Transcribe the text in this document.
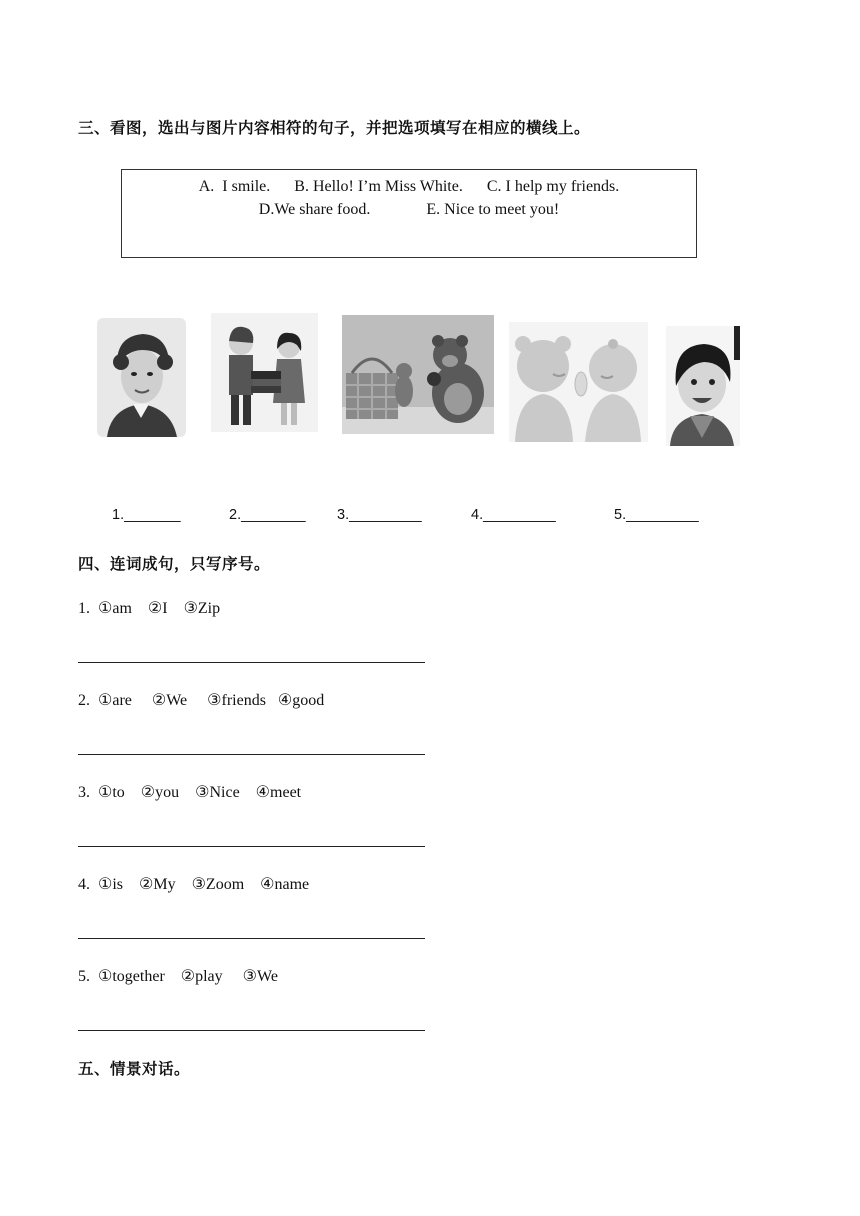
三、看图，选出与图片内容相符的句子，并把选项填写在相应的横线上。
A.  I smile.      B. Hello! I’m Miss White.      C. I help my friends.
D.We share food.              E. Nice to meet you!
1._______	2.________ 3._________	4._________	5._________
四、连词成句，只写序号。
1.  ①am    ②I    ③Zip
2.  ①are     ②We     ③friends   ④good
3.  ①to    ②you    ③Nice    ④meet
4.  ①is    ②My    ③Zoom    ④name
5.  ①together    ②play     ③We
五、情景对话。
